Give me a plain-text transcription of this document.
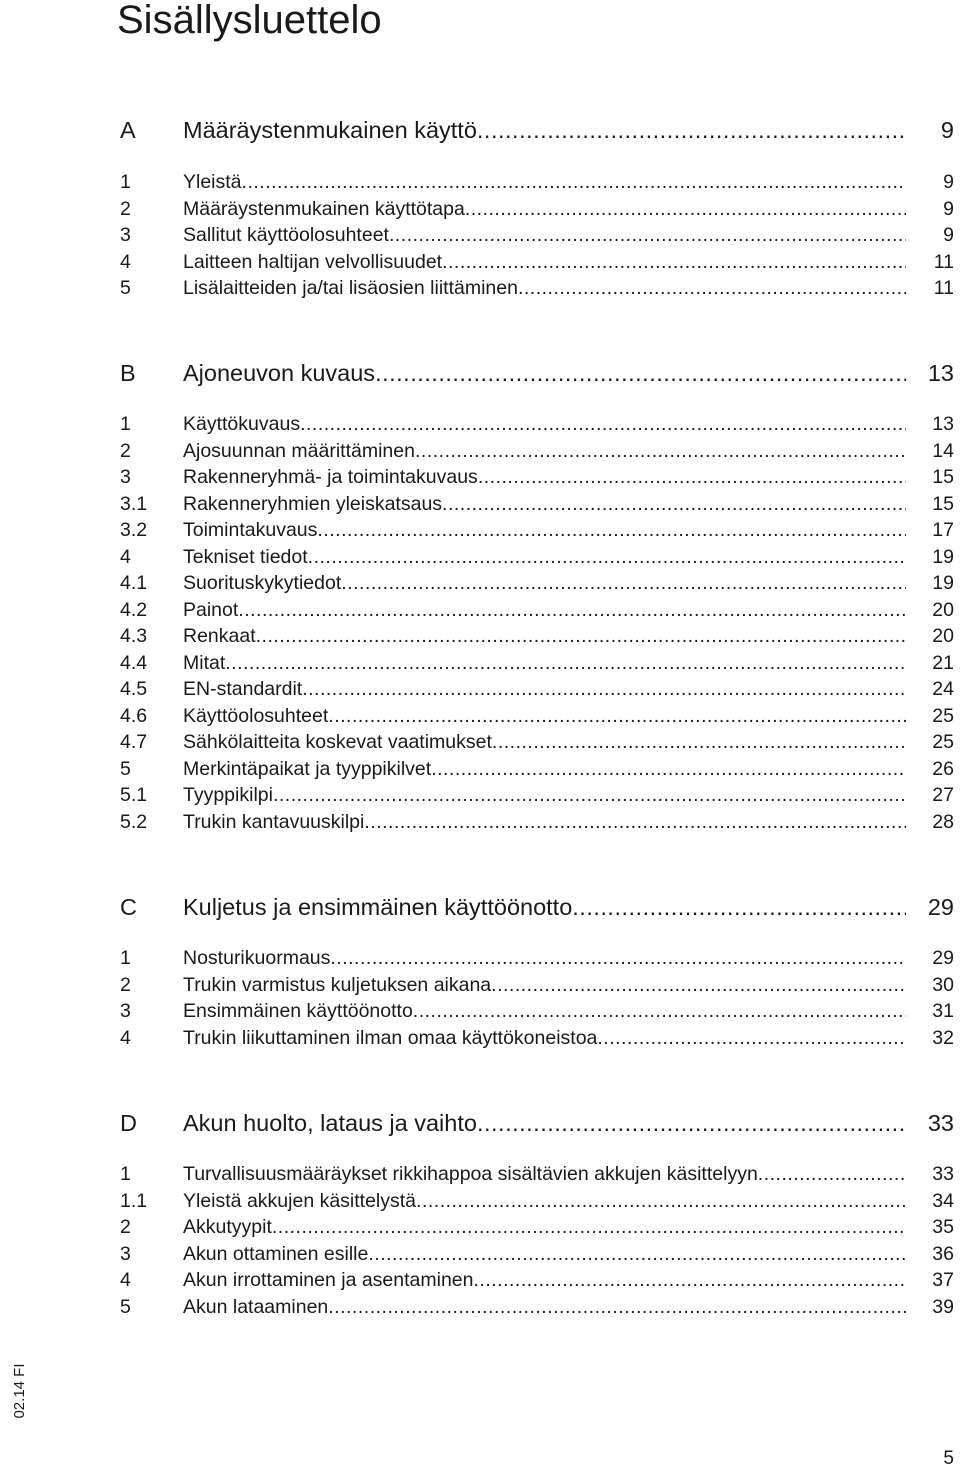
Sisällysluettelo
A	Määräystenmukainen käyttö .....	9
1	Yleistä .....	9
2	Määräystenmukainen käyttötapa .....	9
3	Sallitut käyttöolosuhteet .....	9
4	Laitteen haltijan velvollisuudet .....	11
5	Lisälaitteiden ja/tai lisäosien liittäminen .....	11
B	Ajoneuvon kuvaus .....	13
1	Käyttökuvaus .....	13
2	Ajosuunnan määrittäminen .....	14
3	Rakenneryhmä- ja toimintakuvaus .....	15
3.1	Rakenneryhmien yleiskatsaus .....	15
3.2	Toimintakuvaus .....	17
4	Tekniset tiedot .....	19
4.1	Suorituskykytiedot .....	19
4.2	Painot .....	20
4.3	Renkaat .....	20
4.4	Mitat .....	21
4.5	EN-standardit .....	24
4.6	Käyttöolosuhteet .....	25
4.7	Sähkölaitteita koskevat vaatimukset .....	25
5	Merkintäpaikat ja tyyppikilvet .....	26
5.1	Tyyppikilpi .....	27
5.2	Trukin kantavuuskilpi .....	28
C	Kuljetus ja ensimmäinen käyttöönotto .....	29
1	Nosturikuormaus .....	29
2	Trukin varmistus kuljetuksen aikana .....	30
3	Ensimmäinen käyttöönotto .....	31
4	Trukin liikuttaminen ilman omaa käyttökoneistoa .....	32
D	Akun huolto, lataus ja vaihto .....	33
1	Turvallisuusmääräykset rikkihappoa sisältävien akkujen käsittelyyn .....	33
1.1	Yleistä akkujen käsittelystä .....	34
2	Akkutyypit .....	35
3	Akun ottaminen esille .....	36
4	Akun irrottaminen ja asentaminen .....	37
5	Akun lataaminen .....	39
02.14 FI
5
